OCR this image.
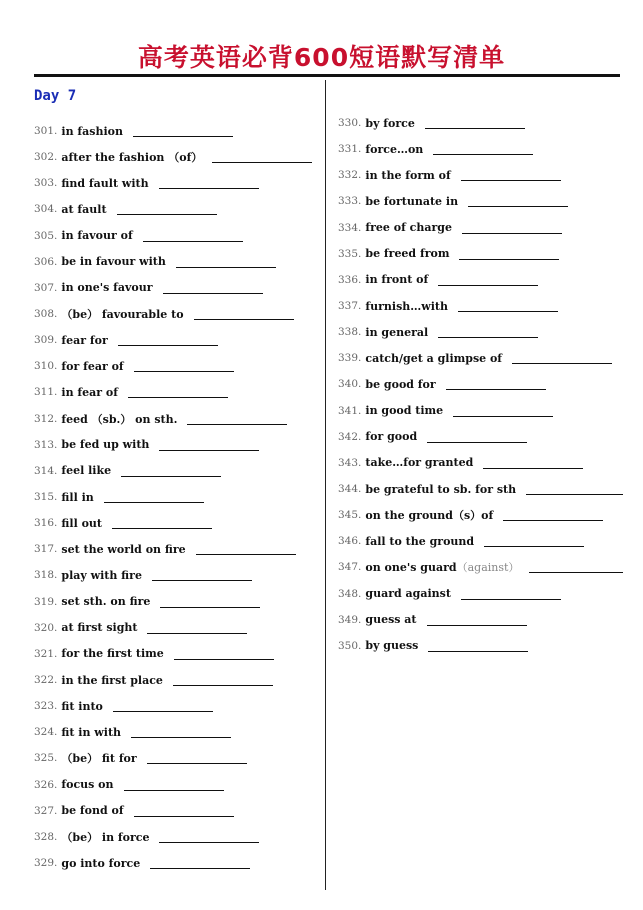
高考英语必背600短语默写清单
Day 7
301. in fashion
302. after the fashion （of）
303. find fault with
304. at fault
305. in favour of
306. be in favour with
307. in one's favour
308. （be） favourable to
309. fear for
310. for fear of
311. in fear of
312. feed （sb.） on sth.
313. be fed up with
314. feel like
315. fill in
316. fill out
317. set the world on fire
318. play with fire
319. set sth. on fire
320. at first sight
321. for the first time
322. in the first place
323. fit into
324. fit in with
325. （be） fit for
326. focus on
327. be fond of
328. （be） in force
329. go into force
330. by force
331. force…on
332. in the form of
333. be fortunate in
334. free of charge
335. be freed from
336. in front of
337. furnish…with
338. in general
339. catch/get a glimpse of
340. be good for
341. in good time
342. for good
343. take…for granted
344. be grateful to sb. for sth
345. on the ground（s）of
346. fall to the ground
347. on one's guard （against）
348. guard against
349. guess at
350. by guess
